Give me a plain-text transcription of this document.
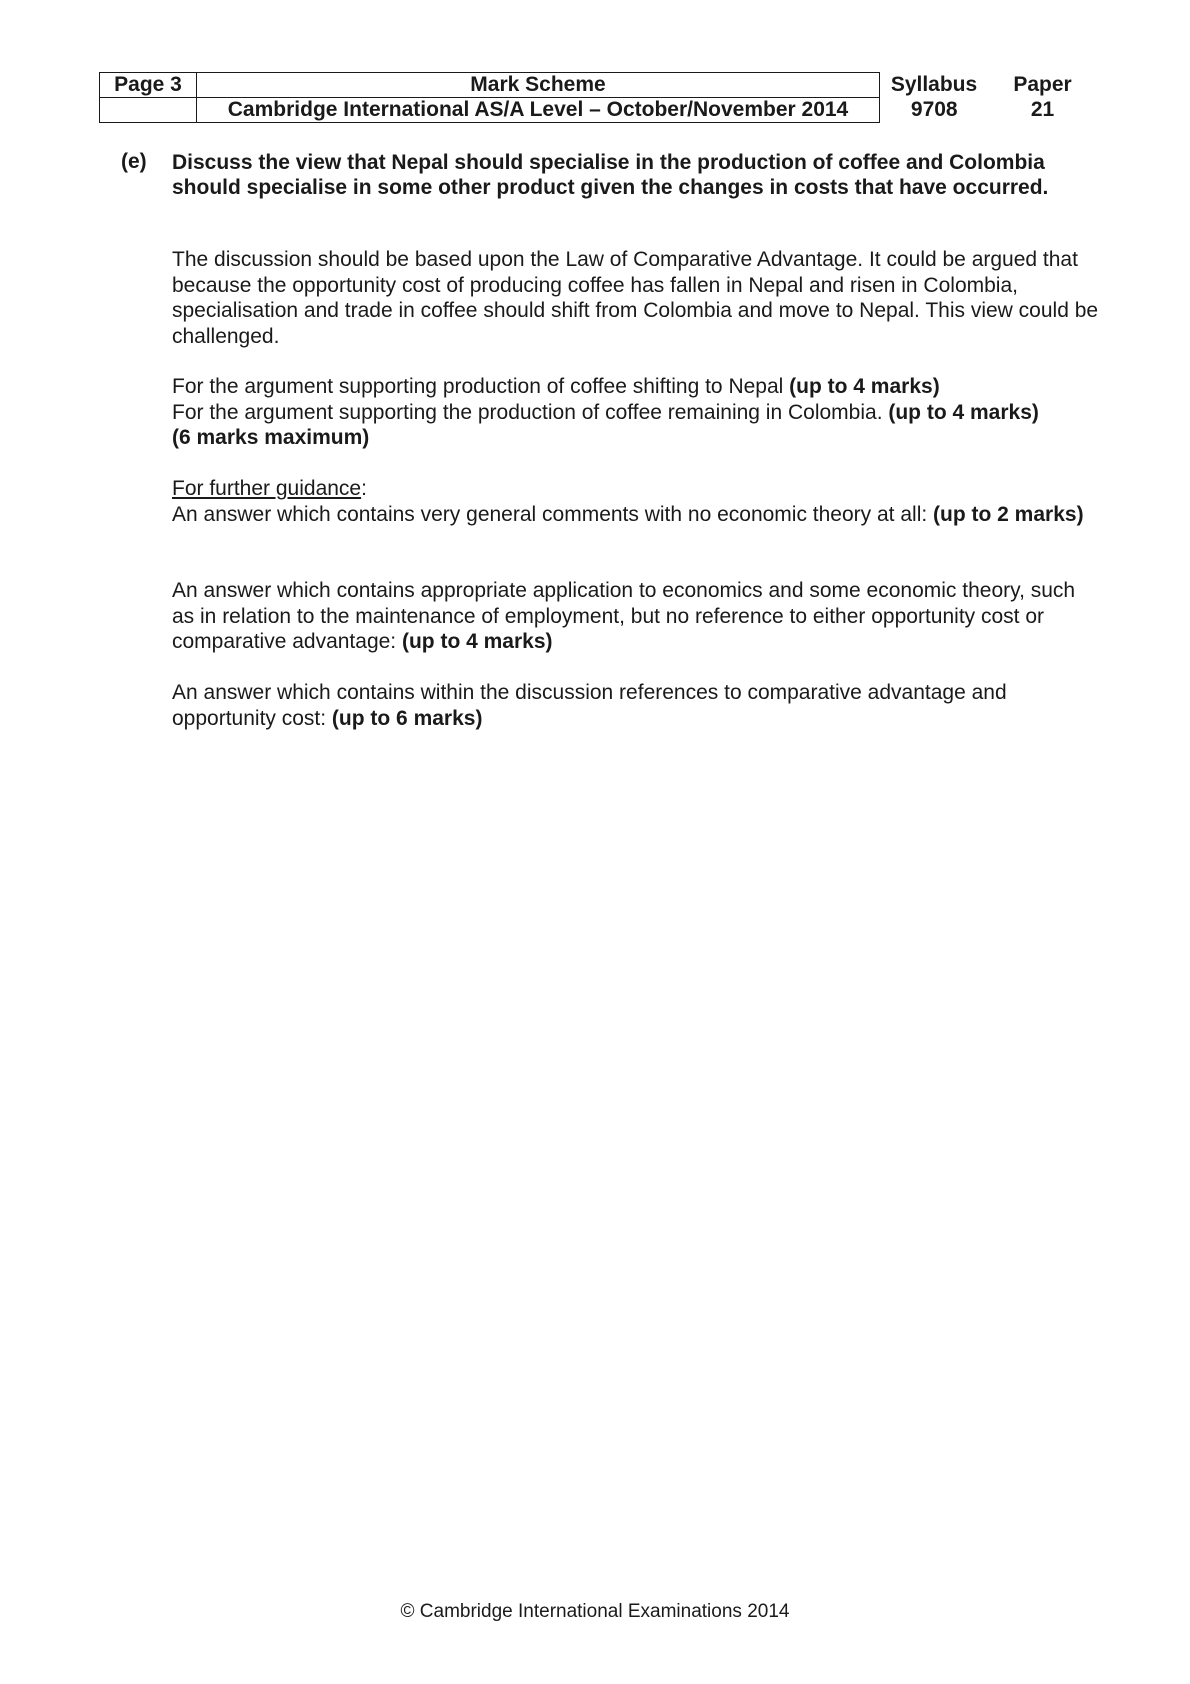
Page 3	Mark Scheme	Syllabus	Paper
	Cambridge International AS/A Level – October/November 2014	9708	21
(e) Discuss the view that Nepal should specialise in the production of coffee and Colombia should specialise in some other product given the changes in costs that have occurred.
The discussion should be based upon the Law of Comparative Advantage. It could be argued that because the opportunity cost of producing coffee has fallen in Nepal and risen in Colombia, specialisation and trade in coffee should shift from Colombia and move to Nepal. This view could be challenged.
For the argument supporting production of coffee shifting to Nepal (up to 4 marks)
For the argument supporting the production of coffee remaining in Colombia. (up to 4 marks)
(6 marks maximum)
For further guidance:
An answer which contains very general comments with no economic theory at all: (up to 2 marks)
An answer which contains appropriate application to economics and some economic theory, such as in relation to the maintenance of employment, but no reference to either opportunity cost or comparative advantage: (up to 4 marks)
An answer which contains within the discussion references to comparative advantage and opportunity cost: (up to 6 marks)
© Cambridge International Examinations 2014
